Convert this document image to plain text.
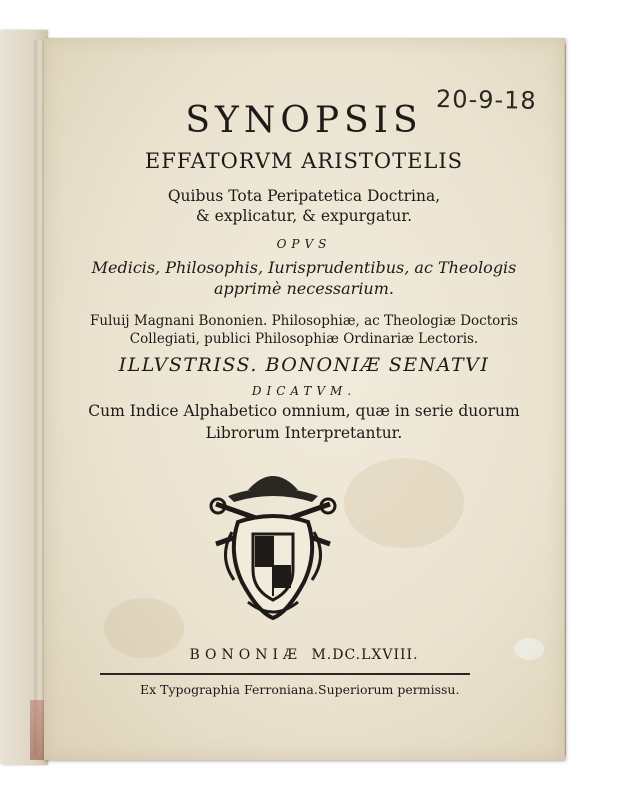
20-9-18
SYNOPSIS
EFFATORVM ARISTOTELIS
Quibus Tota Peripatetica Doctrina,
& explicatur, & expurgatur.
OPVS
Medicis, Philosophis, Iurisprudentibus, ac Theologis
apprimè necessarium.
Fuluij Magnani Bononien. Philosophiæ, ac Theologiæ Doctoris
Collegiati, publici Philosophiæ Ordinariæ Lectoris.
ILLVSTRISS. BONONIÆ SENATVI
DICATVM.
Cum Indice Alphabetico omnium, quæ in serie duorum
Librorum Interpretantur.
BONONIÆ M.DC.LXVIII.
Ex Typographia Ferroniana. Superiorum permissu.
